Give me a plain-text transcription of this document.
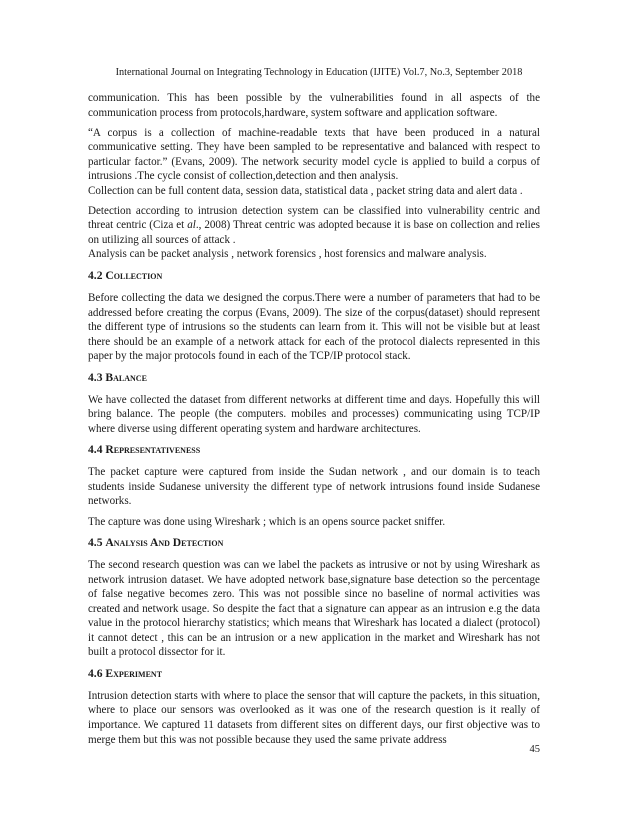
International Journal on Integrating Technology in Education (IJITE) Vol.7, No.3, September 2018

communication. This has been possible by the vulnerabilities found in all aspects of the communication process from protocols,hardware, system software and application software.

“A corpus is a collection of machine-readable texts that have been produced in a natural communicative setting. They have been sampled to be representative and balanced with respect to particular factor.” (Evans, 2009). The network security model cycle is applied to build a corpus of intrusions .The cycle consist of collection,detection and then analysis.

Collection can be full content data, session data, statistical data , packet string data and alert data .

Detection according to intrusion detection system can be classified into vulnerability centric and threat centric (Ciza et al., 2008) Threat centric was adopted because it is base on collection and relies on utilizing all sources of attack .

Analysis can be packet analysis , network forensics , host forensics and malware analysis.

4.2 Collection

Before collecting the data we designed the corpus.There were a number of parameters that had to be addressed before creating the corpus (Evans, 2009). The size of the corpus(dataset) should represent the different type of intrusions so the students can learn from it. This will not be visible but at least there should be an example of a network attack for each of the protocol dialects represented in this paper by the major protocols found in each of the TCP/IP protocol stack.

4.3 Balance

We have collected the dataset from different networks at different time and days. Hopefully this will bring balance. The people (the computers. mobiles and processes) communicating using TCP/IP where diverse using different operating system and hardware architectures.

4.4 Representativeness

The packet capture were captured from inside the Sudan network , and our domain is to teach students inside Sudanese university the different type of network intrusions found inside Sudanese networks.

The capture was done using Wireshark ; which is an opens source packet sniffer.

4.5 Analysis And Detection

The second research question was can we label the packets as intrusive or not by using Wireshark as network intrusion dataset. We have adopted network base,signature base detection so the percentage of false negative becomes zero. This was not possible since no baseline of normal activities was created and network usage. So despite the fact that a signature can appear as an intrusion e.g the data value in the protocol hierarchy statistics; which means that Wireshark has located a dialect (protocol) it cannot detect , this can be an intrusion or a new application in the market and Wireshark has not built a protocol dissector for it.

4.6 Experiment

Intrusion detection starts with where to place the sensor that will capture the packets, in this situation, where to place our sensors was overlooked as it was one of the research question is it really of importance. We captured 11 datasets from different sites on different days, our first objective was to merge them but this was not possible because they used the same private address

45
